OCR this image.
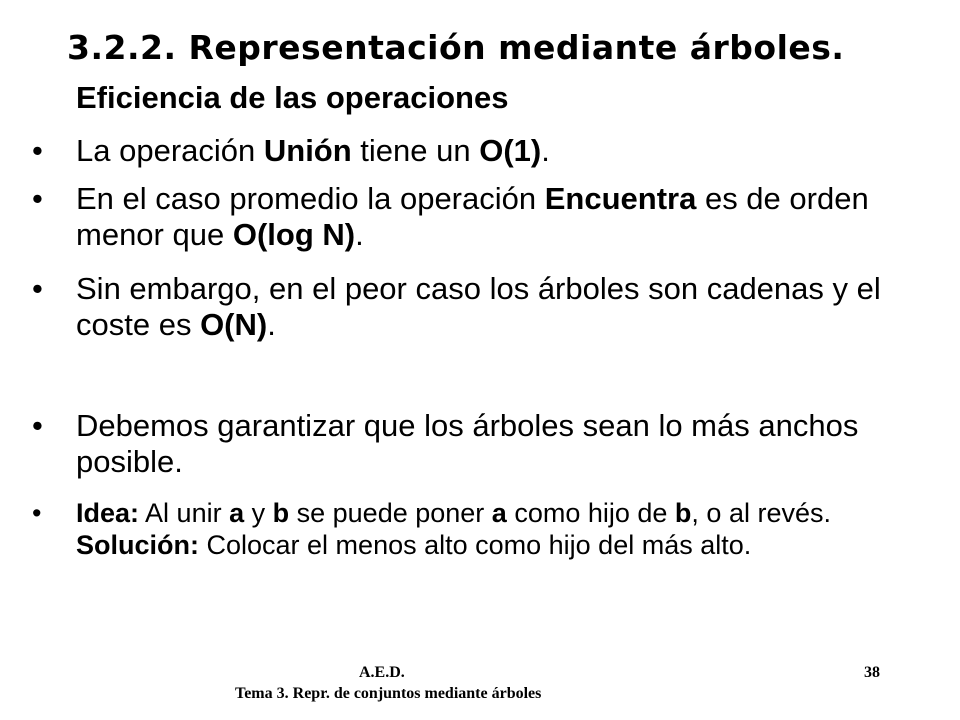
3.2.2. Representación mediante árboles.
Eficiencia de las operaciones
• La operación Unión tiene un O(1).
• En el caso promedio la operación Encuentra es de orden menor que O(log N).
• Sin embargo, en el peor caso los árboles son cadenas y el coste es O(N).
• Debemos garantizar que los árboles sean lo más anchos posible.
• Idea: Al unir a y b se puede poner a como hijo de b, o al revés. Solución: Colocar el menos alto como hijo del más alto.
A.E.D.
Tema 3. Repr. de conjuntos mediante árboles
38
